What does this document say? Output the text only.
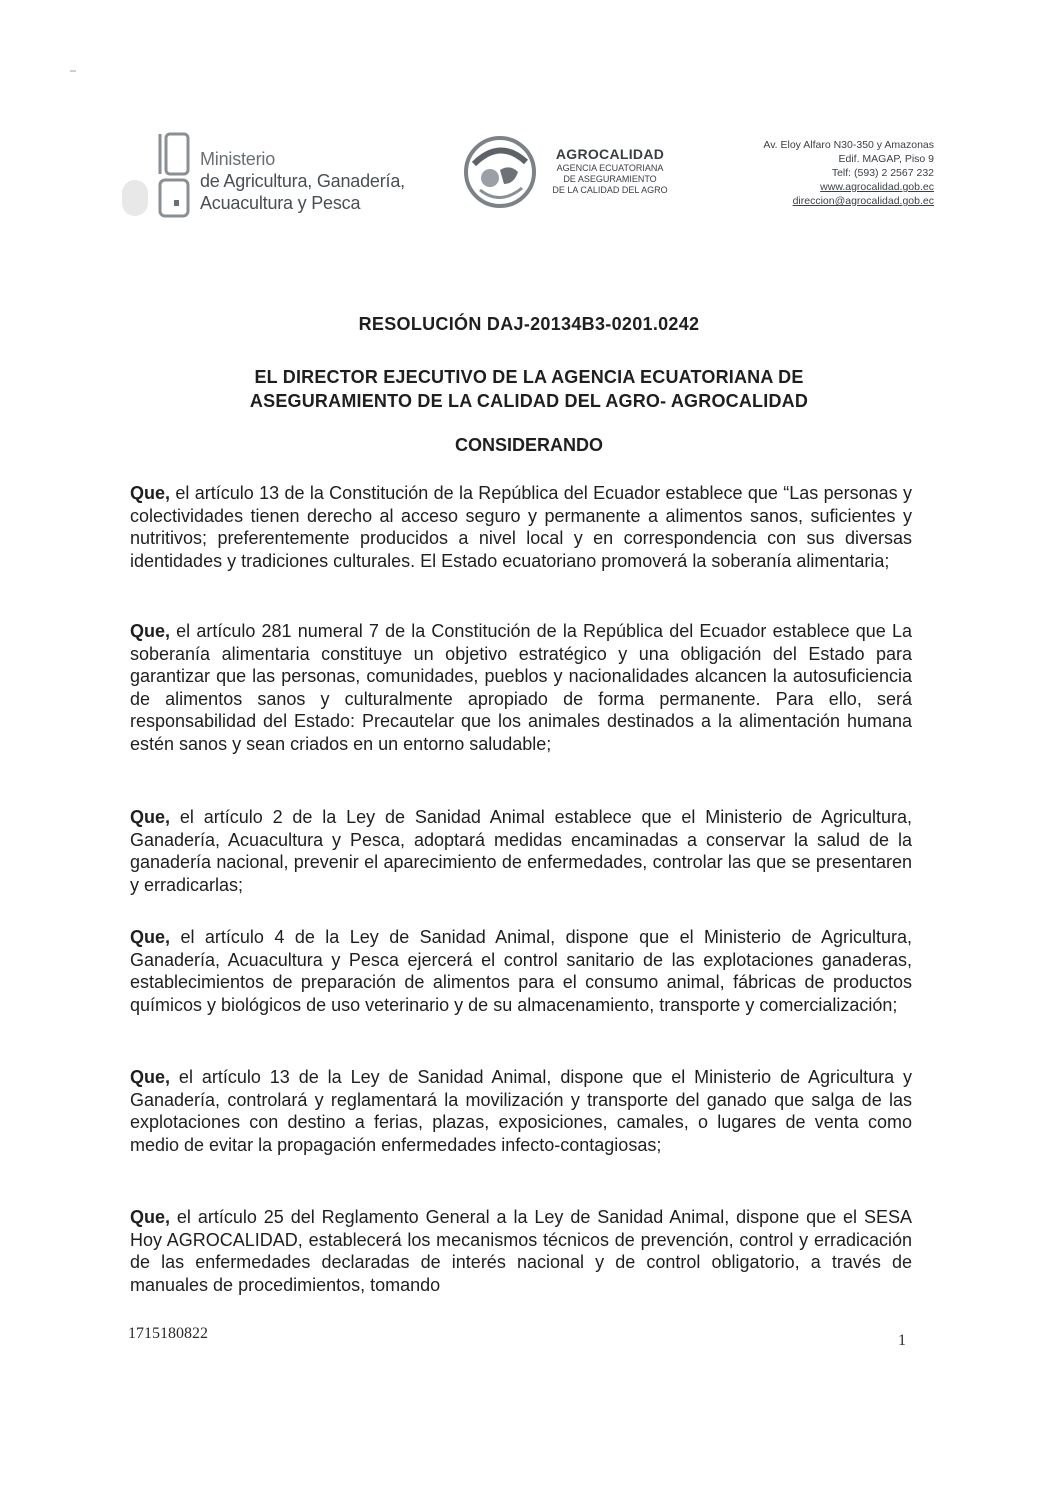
Ministerio
de Agricultura, Ganadería,
Acuacultura y Pesca
AGROCALIDAD
AGENCIA ECUATORIANA
DE ASEGURAMIENTO
DE LA CALIDAD DEL AGRO
Av. Eloy Alfaro N30-350 y Amazonas
Edif. MAGAP, Piso 9
Telf: (593) 2 2567 232
www.agrocalidad.gob.ec
direccion@agrocalidad.gob.ec
RESOLUCIÓN DAJ-20134B3-0201.0242
EL DIRECTOR EJECUTIVO DE LA AGENCIA ECUATORIANA DE
ASEGURAMIENTO DE LA CALIDAD DEL AGRO- AGROCALIDAD
CONSIDERANDO
Que, el artículo 13 de la Constitución de la República del Ecuador establece que “Las personas y colectividades tienen derecho al acceso seguro y permanente a alimentos sanos, suficientes y nutritivos; preferentemente producidos a nivel local y en correspondencia con sus diversas identidades y tradiciones culturales. El Estado ecuatoriano promoverá la soberanía alimentaria;
Que, el artículo 281 numeral 7 de la Constitución de la República del Ecuador establece que La soberanía alimentaria constituye un objetivo estratégico y una obligación del Estado para garantizar que las personas, comunidades, pueblos y nacionalidades alcancen la autosuficiencia de alimentos sanos y culturalmente apropiado de forma permanente. Para ello, será responsabilidad del Estado: Precautelar que los animales destinados a la alimentación humana estén sanos y sean criados en un entorno saludable;
Que, el artículo 2 de la Ley de Sanidad Animal establece que el Ministerio de Agricultura, Ganadería, Acuacultura y Pesca, adoptará medidas encaminadas a conservar la salud de la ganadería nacional, prevenir el aparecimiento de enfermedades, controlar las que se presentaren y erradicarlas;
Que, el artículo 4 de la Ley de Sanidad Animal, dispone que el Ministerio de Agricultura, Ganadería, Acuacultura y Pesca ejercerá el control sanitario de las explotaciones ganaderas, establecimientos de preparación de alimentos para el consumo animal, fábricas de productos químicos y biológicos de uso veterinario y de su almacenamiento, transporte y comercialización;
Que, el artículo 13 de la Ley de Sanidad Animal, dispone que el Ministerio de Agricultura y Ganadería, controlará y reglamentará la movilización y transporte del ganado que salga de las explotaciones con destino a ferias, plazas, exposiciones, camales, o lugares de venta como medio de evitar la propagación enfermedades infecto-contagiosas;
Que, el artículo 25 del Reglamento General a la Ley de Sanidad Animal, dispone que el SESA Hoy AGROCALIDAD, establecerá los mecanismos técnicos de prevención, control y erradicación de las enfermedades declaradas de interés nacional y de control obligatorio, a través de manuales de procedimientos, tomando
1715180822	1
